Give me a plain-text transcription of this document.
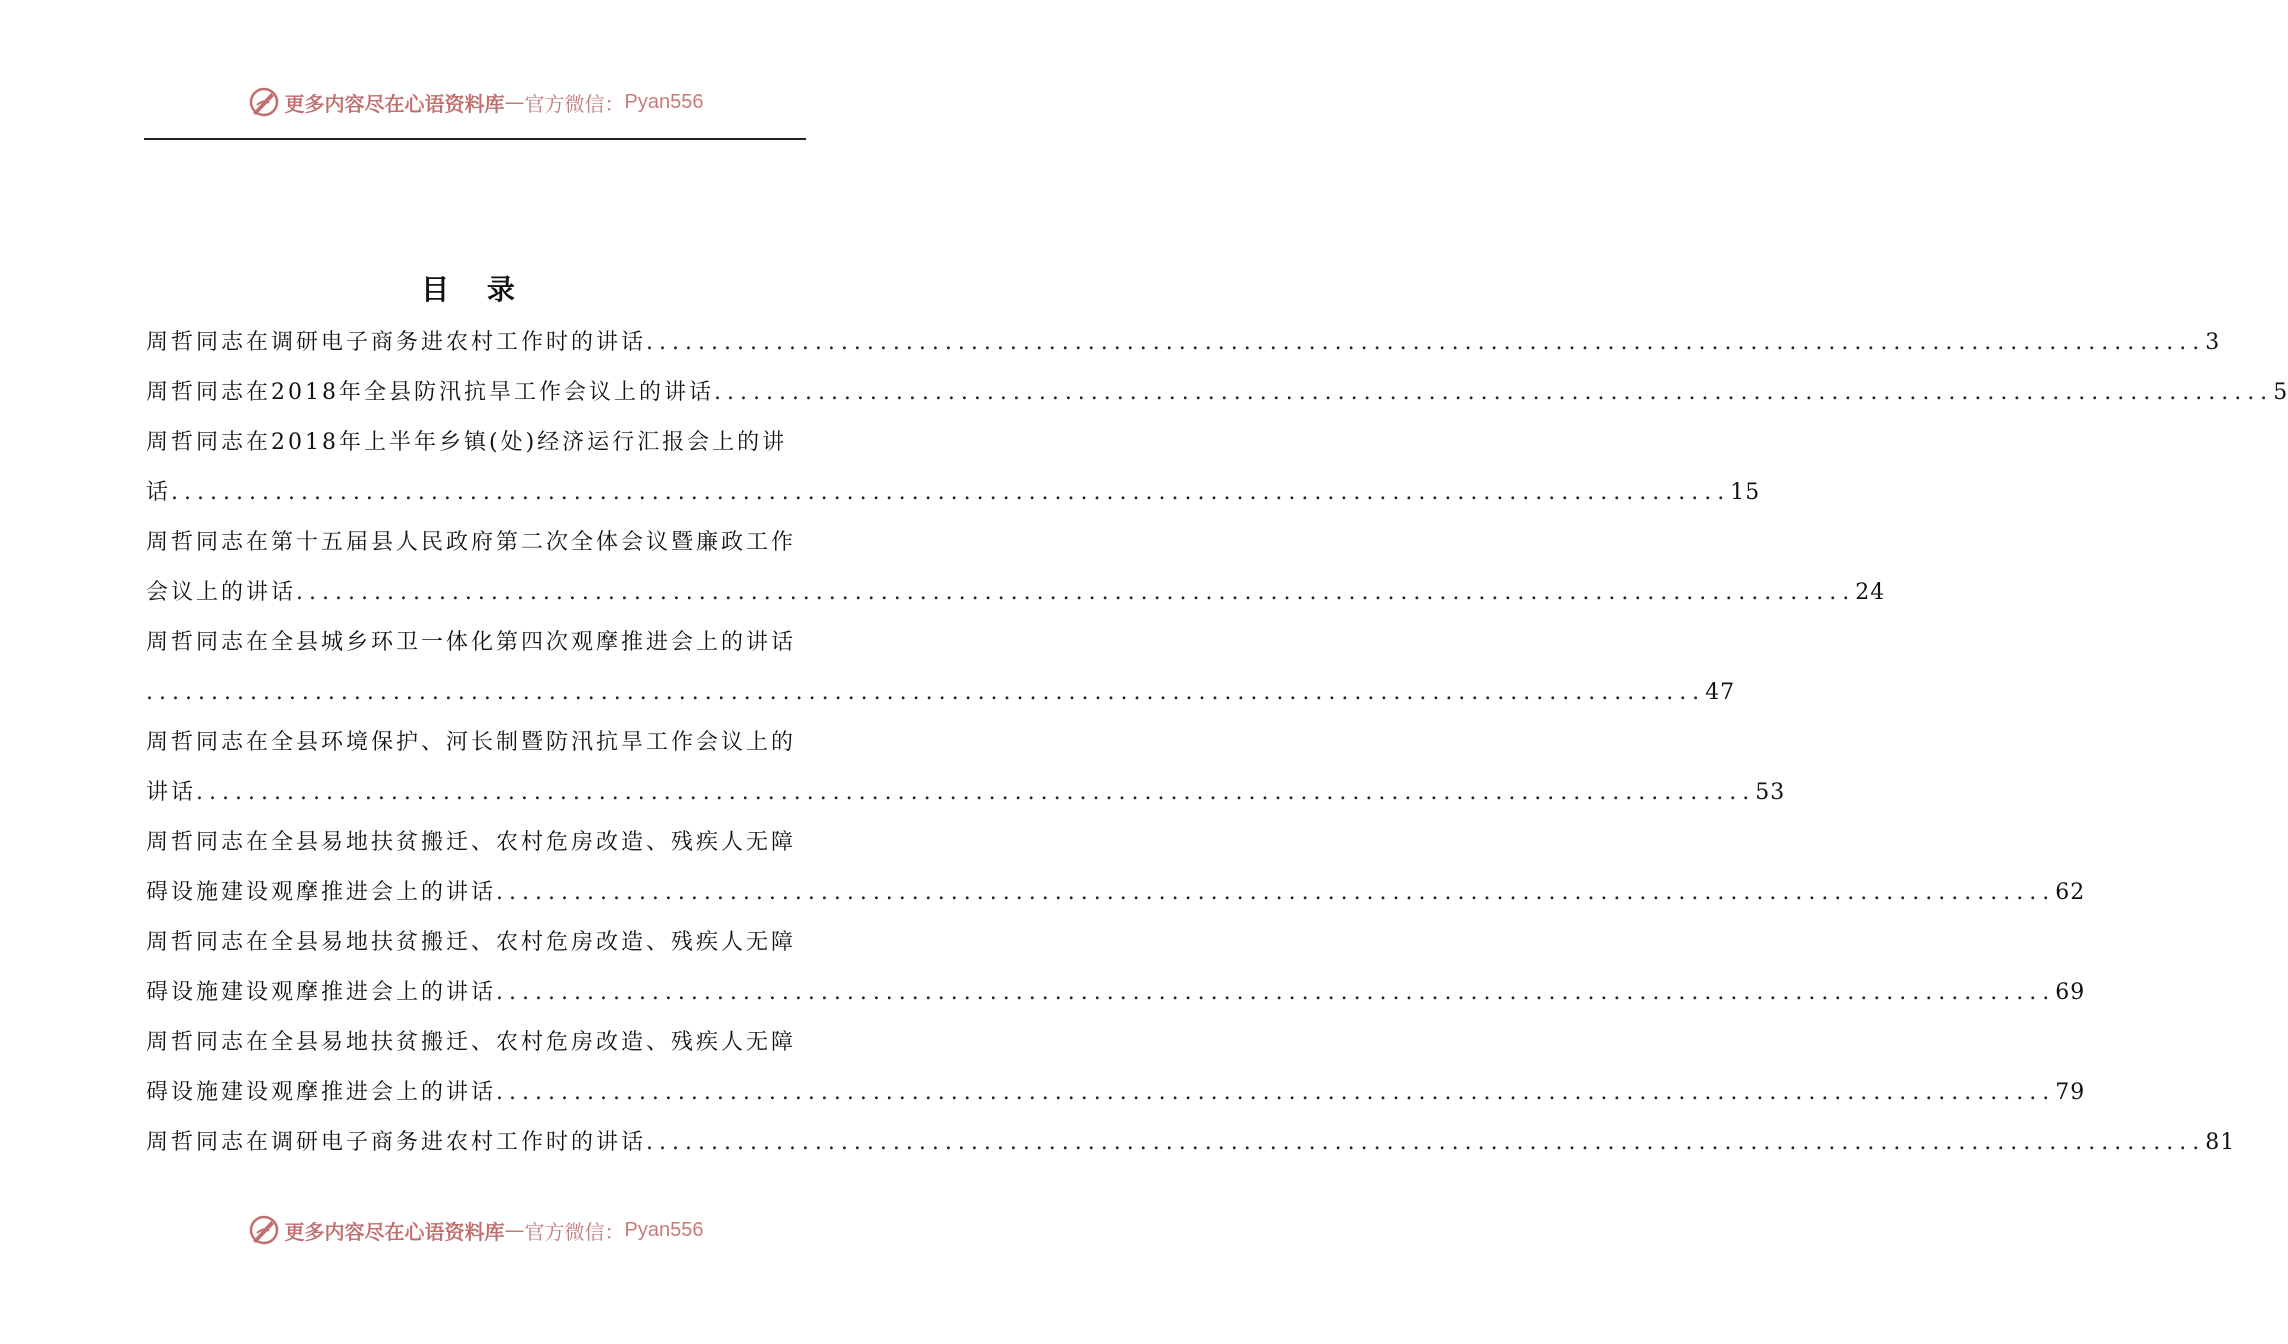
更多内容尽在心语资料库 — 官方微信： Pyan556
目 录
周哲同志在调研电子商务进农村工作时的讲话 ........................................................................................................................ 3
周哲同志在2018年全县防汛抗旱工作会议上的讲话 ........................................................................................................................ 5
周哲同志在2018年上半年乡镇(处)经济运行汇报会上的讲
话 ........................................................................................................................ 15
周哲同志在第十五届县人民政府第二次全体会议暨廉政工作
会议上的讲话 ........................................................................................................................ 24
周哲同志在全县城乡环卫一体化第四次观摩推进会上的讲话
........................................................................................................................ 47
周哲同志在全县环境保护、河长制暨防汛抗旱工作会议上的
讲话 ........................................................................................................................ 53
周哲同志在全县易地扶贫搬迁、农村危房改造、残疾人无障
碍设施建设观摩推进会上的讲话 ........................................................................................................................ 62
周哲同志在全县易地扶贫搬迁、农村危房改造、残疾人无障
碍设施建设观摩推进会上的讲话 ........................................................................................................................ 69
周哲同志在全县易地扶贫搬迁、农村危房改造、残疾人无障
碍设施建设观摩推进会上的讲话 ........................................................................................................................ 79
周哲同志在调研电子商务进农村工作时的讲话 ........................................................................................................................ 81
更多内容尽在心语资料库 — 官方微信： Pyan556
